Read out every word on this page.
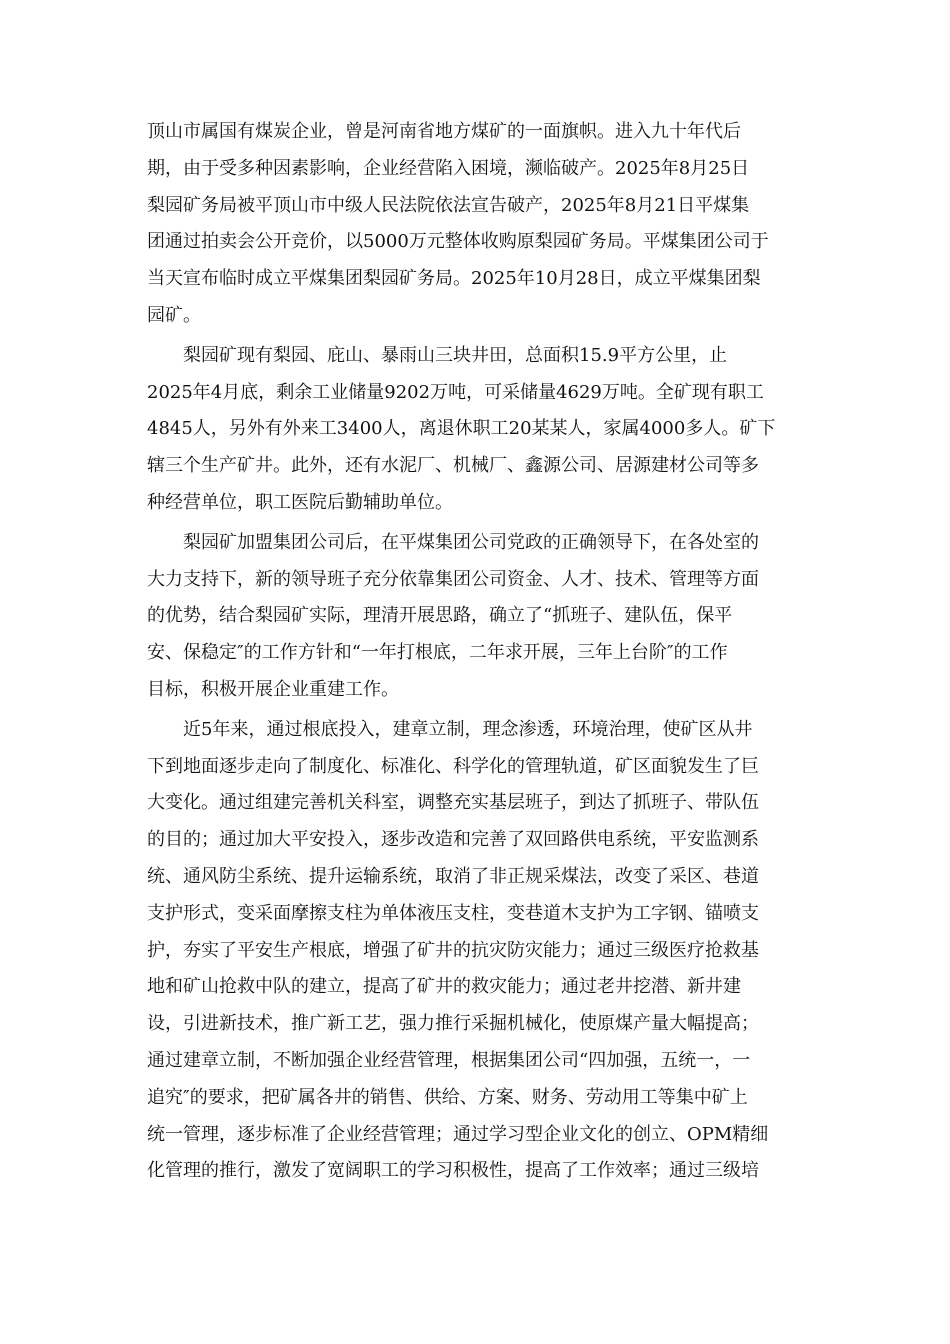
顶山市属国有煤炭企业，曾是河南省地方煤矿的一面旗帜。进入九十年代后
期，由于受多种因素影响，企业经营陷入困境，濒临破产。2025年8月25日
梨园矿务局被平顶山市中级人民法院依法宣告破产，2025年8月21日平煤集
团通过拍卖会公开竞价，以5000万元整体收购原梨园矿务局。平煤集团公司于
当天宣布临时成立平煤集团梨园矿务局。2025年10月28日，成立平煤集团梨
园矿。
梨园矿现有梨园、庇山、暴雨山三块井田，总面积15.9平方公里，止
2025年4月底，剩余工业储量9202万吨，可采储量4629万吨。全矿现有职工
4845人，另外有外来工3400人，离退休职工20某某人，家属4000多人。矿下
辖三个生产矿井。此外，还有水泥厂、机械厂、鑫源公司、居源建材公司等多
种经营单位，职工医院后勤辅助单位。
梨园矿加盟集团公司后，在平煤集团公司党政的正确领导下，在各处室的
大力支持下，新的领导班子充分依靠集团公司资金、人才、技术、管理等方面
的优势，结合梨园矿实际，理清开展思路，确立了“抓班子、建队伍，保平
安、保稳定″的工作方针和“一年打根底，二年求开展，三年上台阶″的工作
目标，积极开展企业重建工作。
近5年来，通过根底投入，建章立制，理念渗透，环境治理，使矿区从井
下到地面逐步走向了制度化、标准化、科学化的管理轨道，矿区面貌发生了巨
大变化。通过组建完善机关科室，调整充实基层班子，到达了抓班子、带队伍
的目的；通过加大平安投入，逐步改造和完善了双回路供电系统，平安监测系
统、通风防尘系统、提升运输系统，取消了非正规采煤法，改变了采区、巷道
支护形式，变采面摩擦支柱为单体液压支柱，变巷道木支护为工字钢、锚喷支
护，夯实了平安生产根底，增强了矿井的抗灾防灾能力；通过三级医疗抢救基
地和矿山抢救中队的建立，提高了矿井的救灾能力；通过老井挖潜、新井建
设，引进新技术，推广新工艺，强力推行采掘机械化，使原煤产量大幅提高；
通过建章立制，不断加强企业经营管理，根据集团公司“四加强，五统一，一
追究″的要求，把矿属各井的销售、供给、方案、财务、劳动用工等集中矿上
统一管理，逐步标准了企业经营管理；通过学习型企业文化的创立、OPM精细
化管理的推行，激发了宽阔职工的学习积极性，提高了工作效率；通过三级培
